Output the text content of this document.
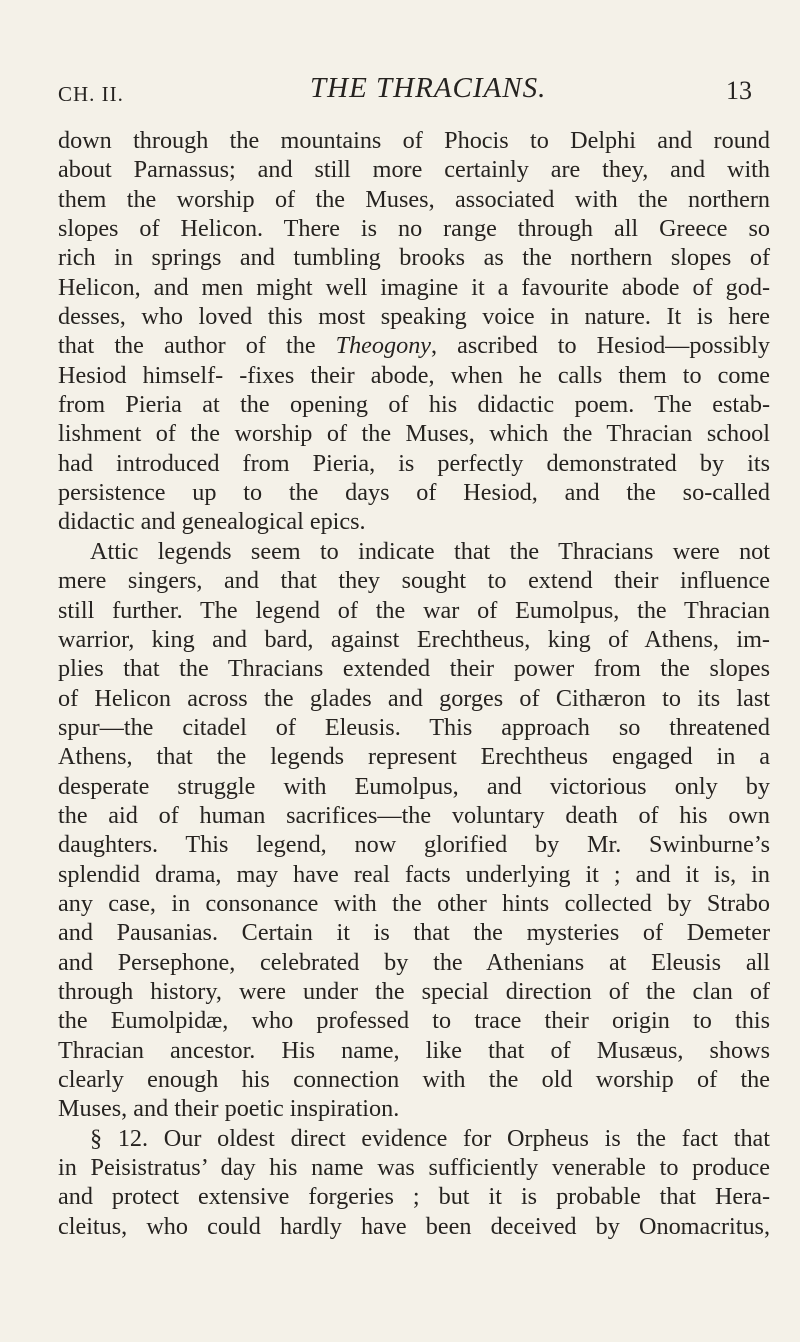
CH. II.	THE THRACIANS.	13
down through the mountains of Phocis to Delphi and round
about Parnassus; and still more certainly are they, and with
them the worship of the Muses, associated with the northern
slopes of Helicon. There is no range through all Greece so
rich in springs and tumbling brooks as the northern slopes of
Helicon, and men might well imagine it a favourite abode of god-
desses, who loved this most speaking voice in nature. It is here
that the author of the Theogony, ascribed to Hesiod—possibly
Hesiod himself- -fixes their abode, when he calls them to come
from Pieria at the opening of his didactic poem. The estab-
lishment of the worship of the Muses, which the Thracian school
had introduced from Pieria, is perfectly demonstrated by its
persistence up to the days of Hesiod, and the so-called
didactic and genealogical epics.
Attic legends seem to indicate that the Thracians were not
mere singers, and that they sought to extend their influence
still further. The legend of the war of Eumolpus, the Thracian
warrior, king and bard, against Erechtheus, king of Athens, im-
plies that the Thracians extended their power from the slopes
of Helicon across the glades and gorges of Cithæron to its last
spur—the citadel of Eleusis. This approach so threatened
Athens, that the legends represent Erechtheus engaged in a
desperate struggle with Eumolpus, and victorious only by
the aid of human sacrifices—the voluntary death of his own
daughters. This legend, now glorified by Mr. Swinburne’s
splendid drama, may have real facts underlying it ; and it is, in
any case, in consonance with the other hints collected by Strabo
and Pausanias. Certain it is that the mysteries of Demeter
and Persephone, celebrated by the Athenians at Eleusis all
through history, were under the special direction of the clan of
the Eumolpidæ, who professed to trace their origin to this
Thracian ancestor. His name, like that of Musæus, shows
clearly enough his connection with the old worship of the
Muses, and their poetic inspiration.
§ 12. Our oldest direct evidence for Orpheus is the fact that
in Peisistratus’ day his name was sufficiently venerable to produce
and protect extensive forgeries ; but it is probable that Hera-
cleitus, who could hardly have been deceived by Onomacritus,
